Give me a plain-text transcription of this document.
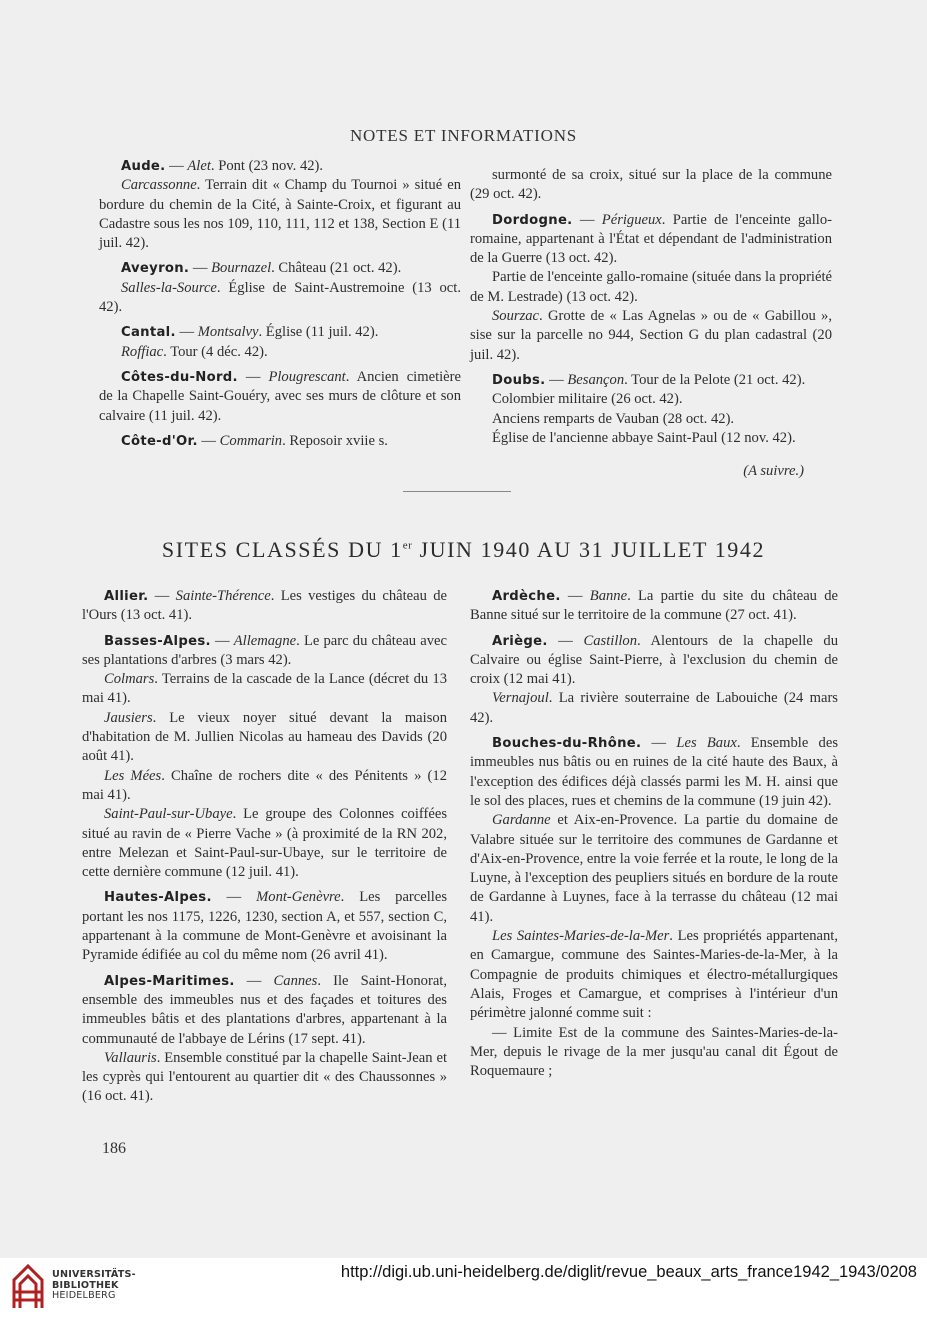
NOTES ET INFORMATIONS

Aude. — Alet. Pont (23 nov. 42).

Carcassonne. Terrain dit « Champ du Tournoi » situé en bordure du chemin de la Cité, à Sainte-Croix, et figurant au Cadastre sous les nos 109, 110, 111, 112 et 138, Section E (11 juil. 42).

Aveyron. — Bournazel. Château (21 oct. 42).

Salles-la-Source. Église de Saint-Austremoine (13 oct. 42).

Cantal. — Montsalvy. Église (11 juil. 42).

Roffiac. Tour (4 déc. 42).

Côtes-du-Nord. — Plougrescant. Ancien cimetière de la Chapelle Saint-Gouéry, avec ses murs de clôture et son calvaire (11 juil. 42).

Côte-d'Or. — Commarin. Reposoir xviie s.

surmonté de sa croix, situé sur la place de la commune (29 oct. 42).

Dordogne. — Périgueux. Partie de l'enceinte gallo-romaine, appartenant à l'État et dépendant de l'administration de la Guerre (13 oct. 42).

Partie de l'enceinte gallo-romaine (située dans la propriété de M. Lestrade) (13 oct. 42).

Sourzac. Grotte de « Las Agnelas » ou de « Gabillou », sise sur la parcelle no 944, Section G du plan cadastral (20 juil. 42).

Doubs. — Besançon. Tour de la Pelote (21 oct. 42).

Colombier militaire (26 oct. 42).

Anciens remparts de Vauban (28 oct. 42).

Église de l'ancienne abbaye Saint-Paul (12 nov. 42).

(A suivre.)

SITES CLASSÉS DU 1er JUIN 1940 AU 31 JUILLET 1942

Allier. — Sainte-Thérence. Les vestiges du château de l'Ours (13 oct. 41).

Basses-Alpes. — Allemagne. Le parc du château avec ses plantations d'arbres (3 mars 42).

Colmars. Terrains de la cascade de la Lance (décret du 13 mai 41).

Jausiers. Le vieux noyer situé devant la maison d'habitation de M. Jullien Nicolas au hameau des Davids (20 août 41).

Les Mées. Chaîne de rochers dite « des Pénitents » (12 mai 41).

Saint-Paul-sur-Ubaye. Le groupe des Colonnes coiffées situé au ravin de « Pierre Vache » (à proximité de la RN 202, entre Melezan et Saint-Paul-sur-Ubaye, sur le territoire de cette dernière commune (12 juil. 41).

Hautes-Alpes. — Mont-Genèvre. Les parcelles portant les nos 1175, 1226, 1230, section A, et 557, section C, appartenant à la commune de Mont-Genèvre et avoisinant la Pyramide édifiée au col du même nom (26 avril 41).

Alpes-Maritimes. — Cannes. Ile Saint-Honorat, ensemble des immeubles nus et des façades et toitures des immeubles bâtis et des plantations d'arbres, appartenant à la communauté de l'abbaye de Lérins (17 sept. 41).

Vallauris. Ensemble constitué par la chapelle Saint-Jean et les cyprès qui l'entourent au quartier dit « des Chaussonnes » (16 oct. 41).

Ardèche. — Banne. La partie du site du château de Banne situé sur le territoire de la commune (27 oct. 41).

Ariège. — Castillon. Alentours de la chapelle du Calvaire ou église Saint-Pierre, à l'exclusion du chemin de croix (12 mai 41).

Vernajoul. La rivière souterraine de Labouiche (24 mars 42).

Bouches-du-Rhône. — Les Baux. Ensemble des immeubles nus bâtis ou en ruines de la cité haute des Baux, à l'exception des édifices déjà classés parmi les M. H. ainsi que le sol des places, rues et chemins de la commune (19 juin 42).

Gardanne et Aix-en-Provence. La partie du domaine de Valabre située sur le territoire des communes de Gardanne et d'Aix-en-Provence, entre la voie ferrée et la route, le long de la Luyne, à l'exception des peupliers situés en bordure de la route de Gardanne à Luynes, face à la terrasse du château (12 mai 41).

Les Saintes-Maries-de-la-Mer. Les propriétés appartenant, en Camargue, commune des Saintes-Maries-de-la-Mer, à la Compagnie de produits chimiques et électro-métallurgiques Alais, Froges et Camargue, et comprises à l'intérieur d'un périmètre jalonné comme suit :

— Limite Est de la commune des Saintes-Maries-de-la-Mer, depuis le rivage de la mer jusqu'au canal dit Égout de Roquemaure ;

186
UNIVERSITÄTS-
BIBLIOTHEK
HEIDELBERG
http://digi.ub.uni-heidelberg.de/diglit/revue_beaux_arts_france1942_1943/0208
